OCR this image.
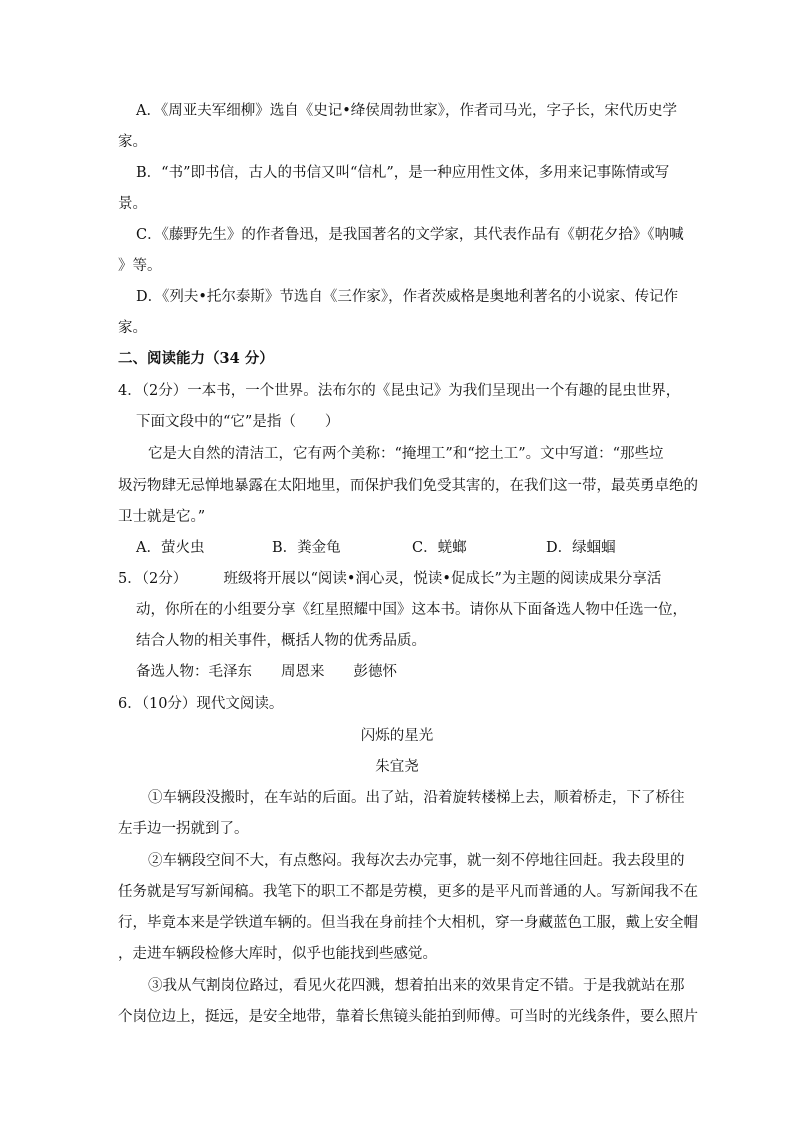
A．《周亚夫军细柳》选自《史记•绛侯周勃世家》，作者司马光，字子长，宋代历史学
家。
B．“书”即书信，古人的书信又叫“信札”，是一种应用性文体，多用来记事陈情或写
景。
C．《藤野先生》的作者鲁迅，是我国著名的文学家，其代表作品有《朝花夕拾》《呐喊
》等。
D．《列夫•托尔泰斯》节选自《三作家》，作者茨威格是奥地利著名的小说家、传记作
家。
二、阅读能力（34 分）
4．（2分）一本书，一个世界。法布尔的《昆虫记》为我们呈现出一个有趣的昆虫世界，
下面文段中的“它”是指（　　）
它是大自然的清洁工，它有两个美称：“掩埋工”和“挖土工”。文中写道：“那些垃
圾污物肆无忌惮地暴露在太阳地里，而保护我们免受其害的，在我们这一带，最英勇卓绝的
卫士就是它。”
A．萤火虫	B．粪金龟	C．蜣螂	D．绿蝈蝈
5．（2分）　　　班级将开展以“阅读•润心灵，悦读•促成长”为主题的阅读成果分享活
动，你所在的小组要分享《红星照耀中国》这本书。请你从下面备选人物中任选一位，
结合人物的相关事件，概括人物的优秀品质。
备选人物：毛泽东　　周恩来　　彭德怀
6．（10分）现代文阅读。
闪烁的星光
朱宜尧
①车辆段没搬时，在车站的后面。出了站，沿着旋转楼梯上去，顺着桥走，下了桥往
左手边一拐就到了。
②车辆段空间不大，有点憋闷。我每次去办完事，就一刻不停地往回赶。我去段里的
任务就是写写新闻稿。我笔下的职工不都是劳模，更多的是平凡而普通的人。写新闻我不在
行，毕竟本来是学铁道车辆的。但当我在身前挂个大相机，穿一身藏蓝色工服，戴上安全帽
，走进车辆段检修大库时，似乎也能找到些感觉。
③我从气割岗位路过，看见火花四溅，想着拍出来的效果肯定不错。于是我就站在那
个岗位边上，挺远，是安全地带，靠着长焦镜头能拍到师傅。可当时的光线条件，要么照片
